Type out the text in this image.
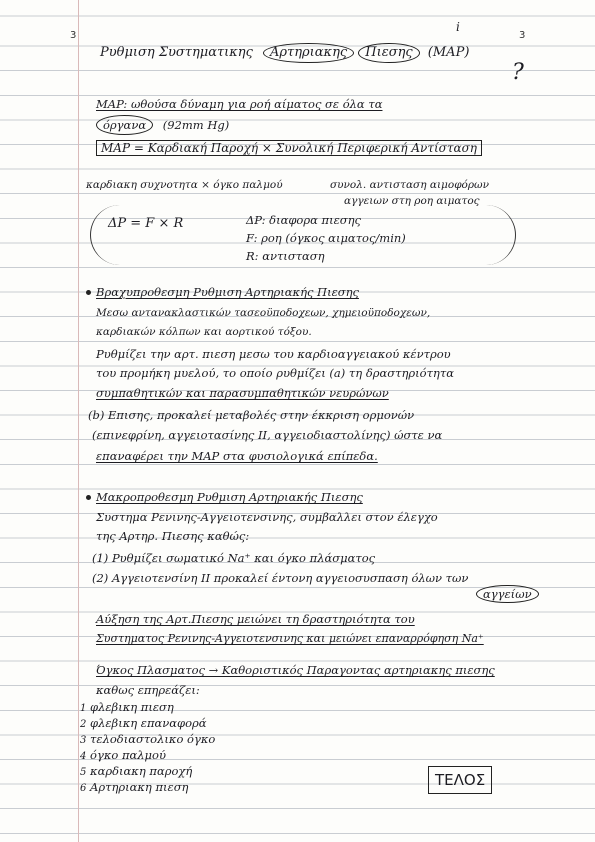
3	3
Ρυθμιση Συστηματικης Αρτηριακης Πιεσης (MAP)
i
?
MAP: ωθούσα δύναμη για ροή αίματος σε όλα τα
όργανα (92mm Hg)
MAP = Καρδιακή Παροχή × Συνολική Περιφερική Αντίσταση
καρδιακη συχνοτητα × όγκο παλμού	συνολ. αντισταση αιμοφόρων
αγγειων στη ροη αιματος
ΔP = F × R	ΔP: διαφορα πιεσης
F: ροη (όγκος αιματος/min)
R: αντισταση
Βραχυπροθεσμη Ρυθμιση Αρτηριακής Πιεσης
Μεσω αντανακλαστικών τασεοϋποδοχεων, χημειοϋποδοχεων,
καρδιακών κόλπων και αορτικού τόξου.
Ρυθμίζει την αρτ. πιεση μεσω του καρδιοαγγειακού κέντρου
του προμήκη μυελού, το οποίο ρυθμίζει (a) τη δραστηριότητα
συμπαθητικών και παρασυμπαθητικών νευρώνων
(b) Επισης, προκαλεί μεταβολές στην έκκριση ορμονών
(επινεφρίνη, αγγειοτασίνης II, αγγειοδιαστολίνης) ώστε να
επαναφέρει την MAP στα φυσιολογικά επίπεδα.
Μακροπροθεσμη Ρυθμιση Αρτηριακής Πιεσης
Συστημα Ρενινης-Αγγειοτενσινης, συμβαλλει στον έλεγχο
της Αρτηρ. Πιεσης καθώς:
(1) Ρυθμίζει σωματικό Na⁺ και όγκο πλάσματος
(2) Αγγειοτενσίνη II προκαλεί έντονη αγγειοσυσπαση όλων των
αγγείων
Αύξηση της Αρτ.Πιεσης μειώνει τη δραστηριότητα του
Συστηματος Ρενινης-Αγγειοτενσινης και μειώνει επαναρρόφηση Na⁺
Όγκος Πλασματος → Καθοριστικός Παραγοντας αρτηριακης πιεσης
καθως επηρεάζει:
1 φλεβικη πιεση
2 φλεβικη επαναφορά
3 τελοδιαστολικο όγκο
4 όγκο παλμού
5 καρδιακη παροχή
6 Αρτηριακη πιεση	ΤΕΛΟΣ
